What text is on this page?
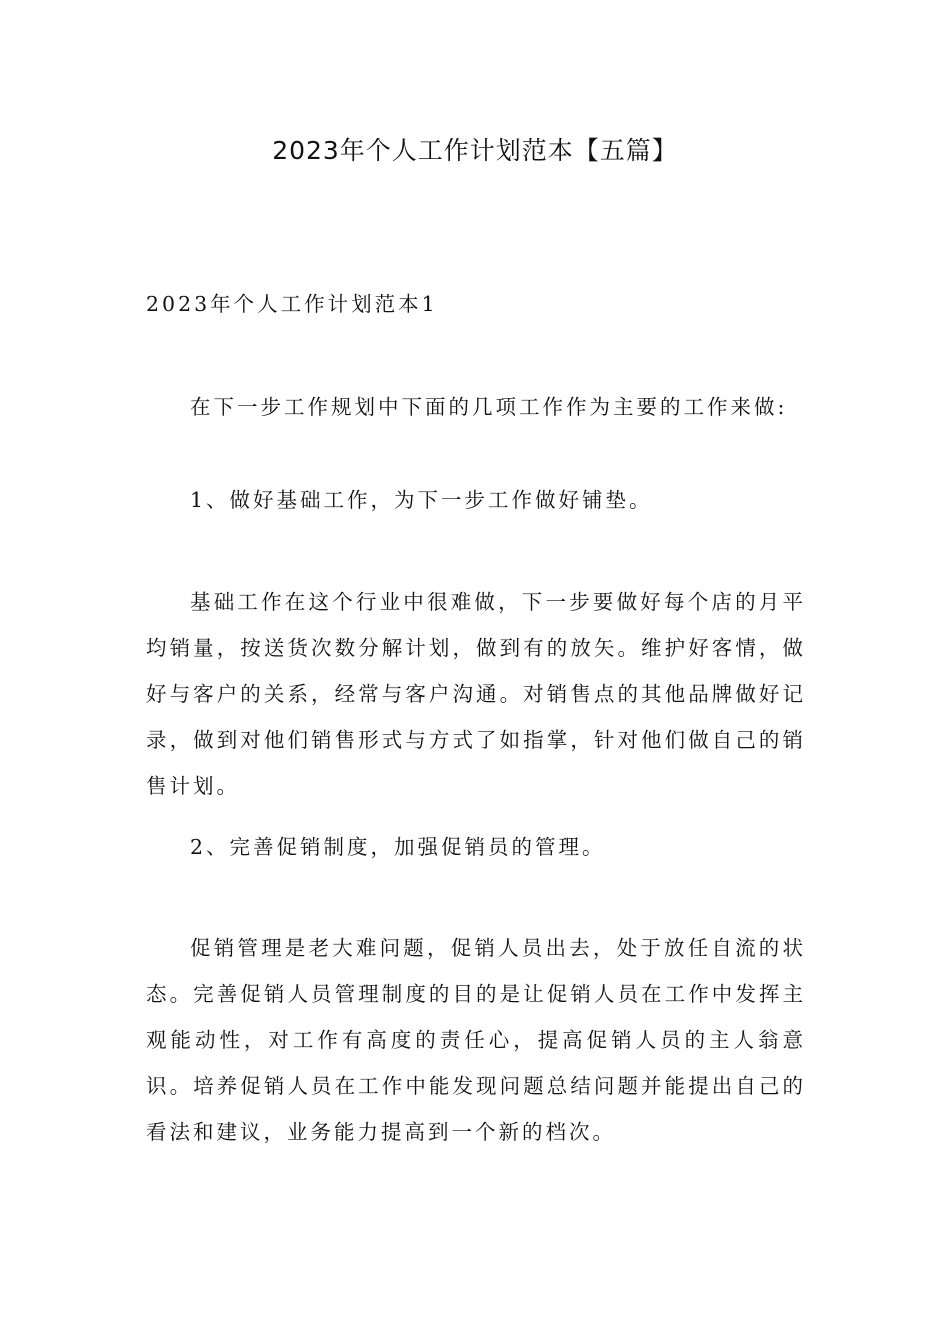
2023年个人工作计划范本【五篇】
2023年个人工作计划范本1
在下一步工作规划中下面的几项工作作为主要的工作来做:
1、做好基础工作，为下一步工作做好铺垫。
基础工作在这个行业中很难做，下一步要做好每个店的月平均销量，按送货次数分解计划，做到有的放矢。维护好客情，做好与客户的关系，经常与客户沟通。对销售点的其他品牌做好记录，做到对他们销售形式与方式了如指掌，针对他们做自己的销售计划。
2、完善促销制度，加强促销员的管理。
促销管理是老大难问题，促销人员出去，处于放任自流的状态。完善促销人员管理制度的目的是让促销人员在工作中发挥主观能动性，对工作有高度的责任心，提高促销人员的主人翁意识。培养促销人员在工作中能发现问题总结问题并能提出自己的看法和建议，业务能力提高到一个新的档次。
